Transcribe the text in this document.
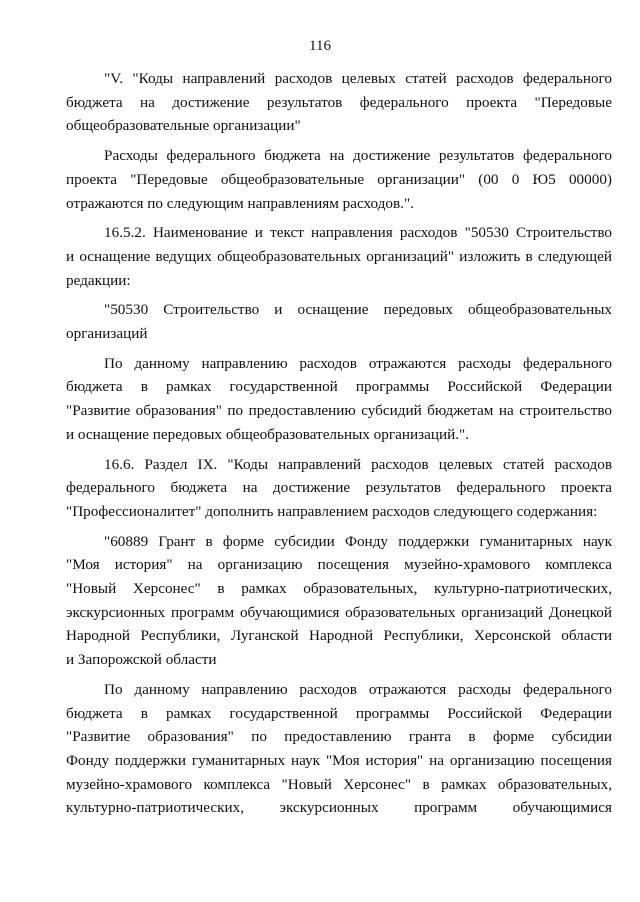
116
"V. "Коды направлений расходов целевых статей расходов федерального
бюджета на достижение результатов федерального проекта "Передовые
общеобразовательные организации"
Расходы федерального бюджета на достижение результатов федерального
проекта "Передовые общеобразовательные организации" (00 0 Ю5 00000)
отражаются по следующим направлениям расходов.".
16.5.2. Наименование и текст направления расходов "50530 Строительство
и оснащение ведущих общеобразовательных организаций" изложить в следующей
редакции:
"50530 Строительство и оснащение передовых общеобразовательных
организаций
По данному направлению расходов отражаются расходы федерального
бюджета в рамках государственной программы Российской Федерации
"Развитие образования" по предоставлению субсидий бюджетам на строительство
и оснащение передовых общеобразовательных организаций.".
16.6. Раздел IX. "Коды направлений расходов целевых статей расходов
федерального бюджета на достижение результатов федерального проекта
"Профессионалитет" дополнить направлением расходов следующего содержания:
"60889 Грант в форме субсидии Фонду поддержки гуманитарных наук
"Моя история" на организацию посещения музейно-храмового комплекса
"Новый Херсонес" в рамках образовательных, культурно-патриотических,
экскурсионных программ обучающимися образовательных организаций Донецкой
Народной Республики, Луганской Народной Республики, Херсонской области
и Запорожской области
По данному направлению расходов отражаются расходы федерального
бюджета в рамках государственной программы Российской Федерации
"Развитие образования" по предоставлению гранта в форме субсидии
Фонду поддержки гуманитарных наук "Моя история" на организацию посещения
музейно-храмового комплекса "Новый Херсонес" в рамках образовательных,
культурно-патриотических, экскурсионных программ обучающимися
